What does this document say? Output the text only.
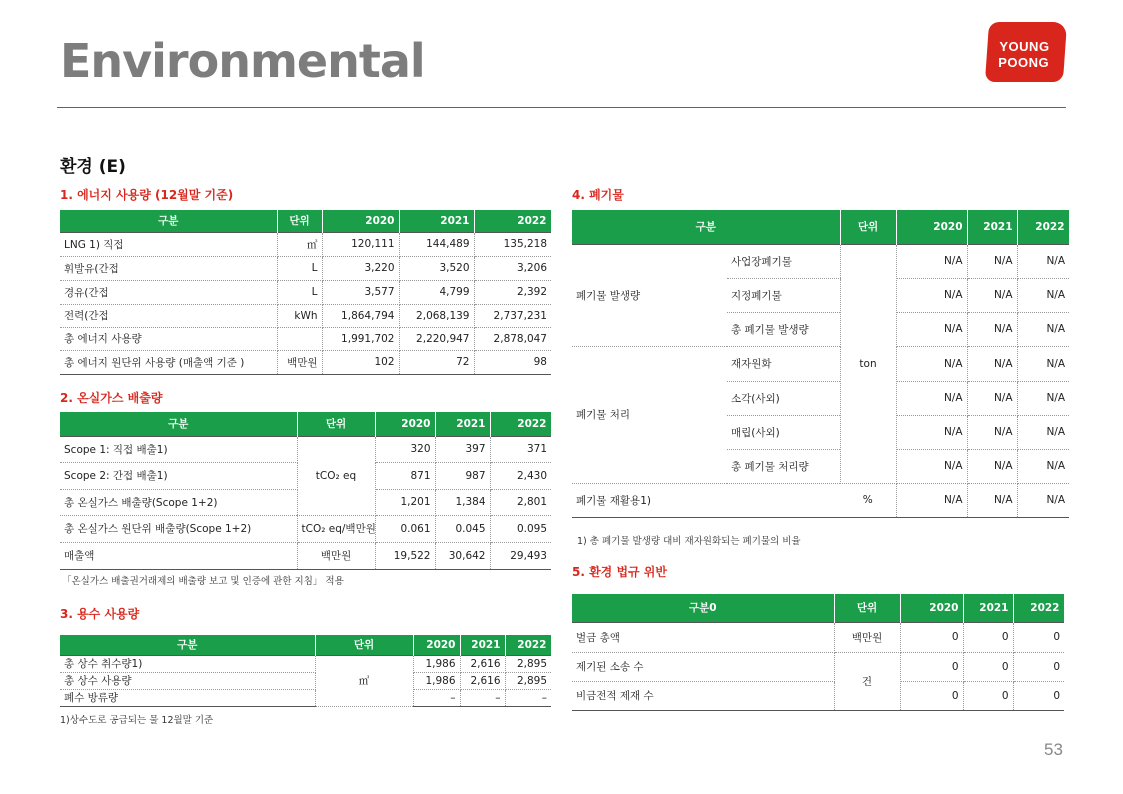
Environmental	YOUNG
POONG
환경 (E)
1. 에너지 사용량 (12월말 기준)
구분	단위	2020	2021	2022
LNG 1) 직접	㎥	120,111	144,489	135,218
휘발유(간접	L	3,220	3,520	3,206
경유(간접	L	3,577	4,799	2,392
전력(간접	kWh	1,864,794	2,068,139	2,737,231
총 에너지 사용량		1,991,702	2,220,947	2,878,047
총 에너지 원단위 사용량 (매출액 기준 )	백만원	102	72	98
2. 온실가스 배출량
구분	단위	2020	2021	2022
Scope 1: 직접 배출1)	tCO₂ eq	320	397	371
Scope 2: 간접 배출1)		871	987	2,430
총 온실가스 배출량(Scope 1+2)		1,201	1,384	2,801
총 온실가스 원단위 배출량(Scope 1+2)	tCO₂ eq/백만원	0.061	0.045	0.095
매출액	백만원	19,522	30,642	29,493
「온실가스 배출권거래제의 배출량 보고 및 인증에 관한 지침」 적용
3. 용수 사용량
구분	단위	2020	2021	2022
총 상수 취수량1)	㎥	1,986	2,616	2,895
총 상수 사용량		1,986	2,616	2,895
폐수 방류량		–	–	–
1)상수도로 공급되는 물 12월말 기준
4. 폐기물
구분		단위	2020	2021	2022
폐기물 발생량	사업장폐기물	ton	N/A	N/A	N/A
	지정폐기물		N/A	N/A	N/A
	총 폐기물 발생량		N/A	N/A	N/A
폐기물 처리	재자원화		N/A	N/A	N/A
	소각(사외)		N/A	N/A	N/A
	매립(사외)		N/A	N/A	N/A
	총 폐기물 처리량		N/A	N/A	N/A
폐기물 재활용1)		%	N/A	N/A	N/A
1) 총 폐기물 발생량 대비 재자원화되는 폐기물의 비율
5. 환경 법규 위반
구분0	단위	2020	2021	2022
벌금 총액	백만원	0	0	0
제기된 소송 수	건	0	0	0
비금전적 제재 수		0	0	0
53
